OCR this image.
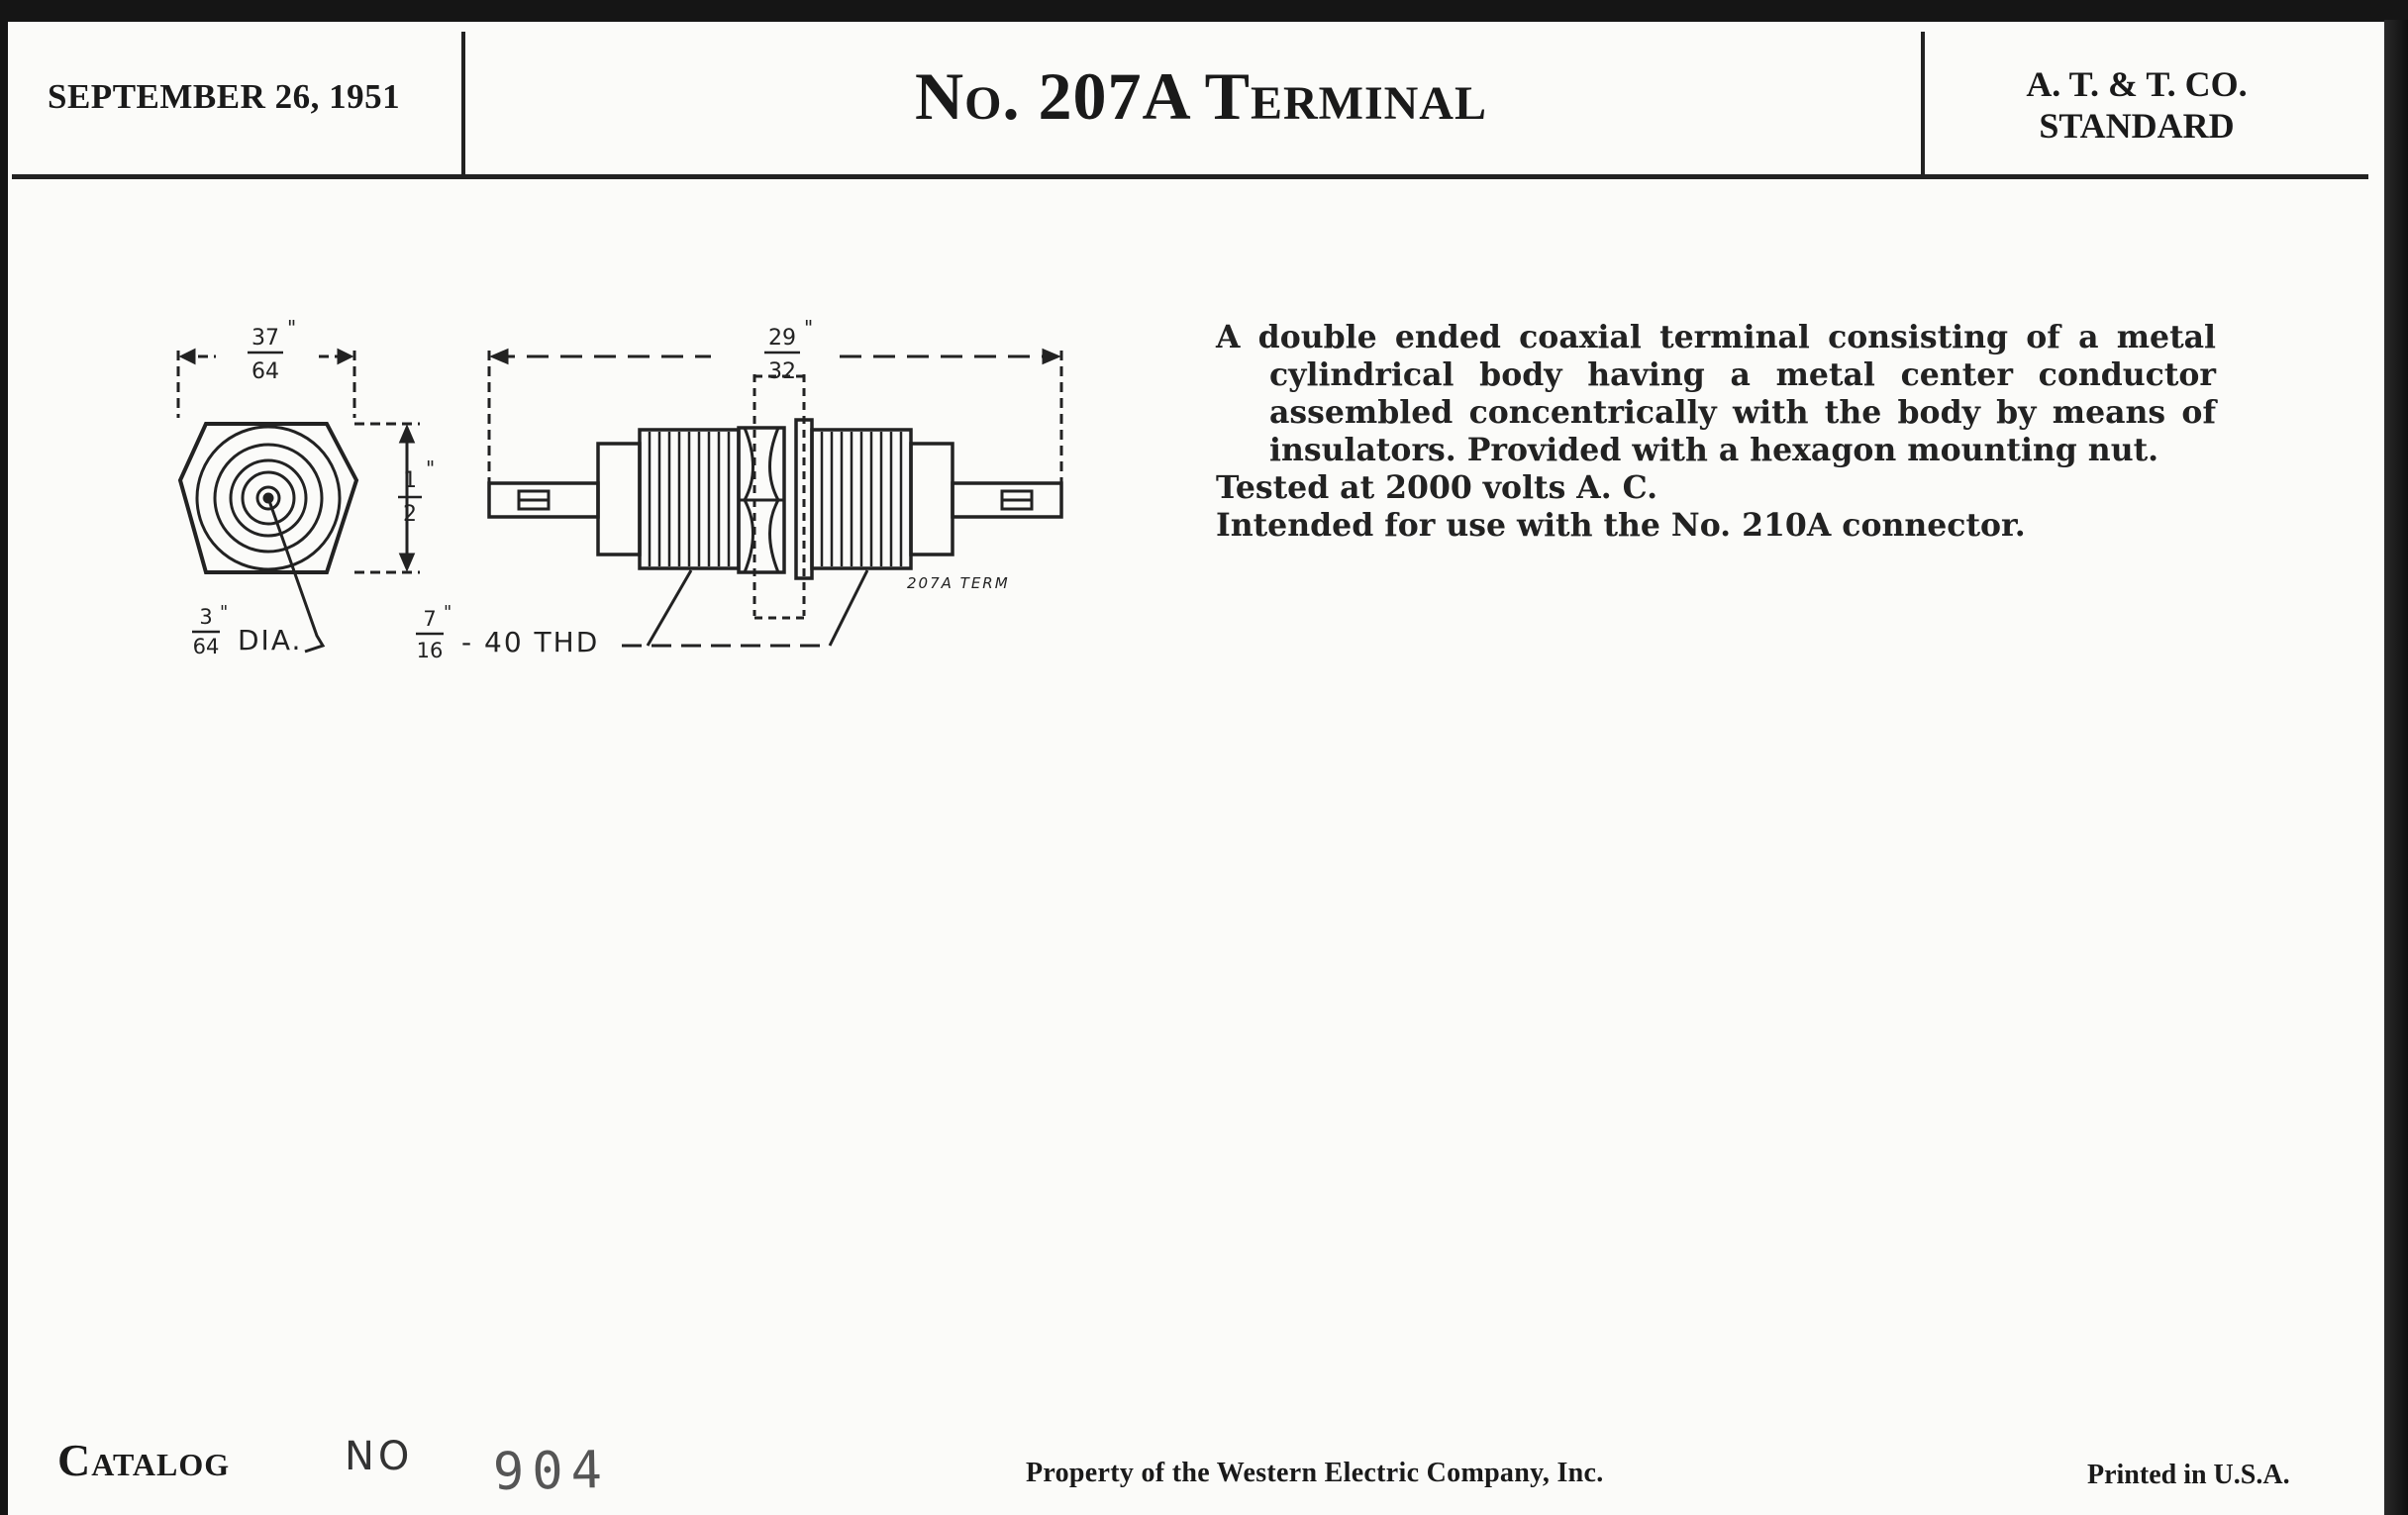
SEPTEMBER 26, 1951	No. 207A Terminal	A. T. & T. CO.
STANDARD
37
64
"
1
2
"
3
64
"
DIA.
29
32
"
207A TERM
7
16
"
- 40 THD

A double ended coaxial terminal consisting of a metal cylindrical body having a metal center conductor assembled concentrically with the body by means of insulators. Provided with a hexagon mounting nut.

Tested at 2000 volts A. C.

Intended for use with the No. 210A connector.

Catalog	NO 904	Property of the Western Electric Company, Inc.	Printed in U.S.A.
